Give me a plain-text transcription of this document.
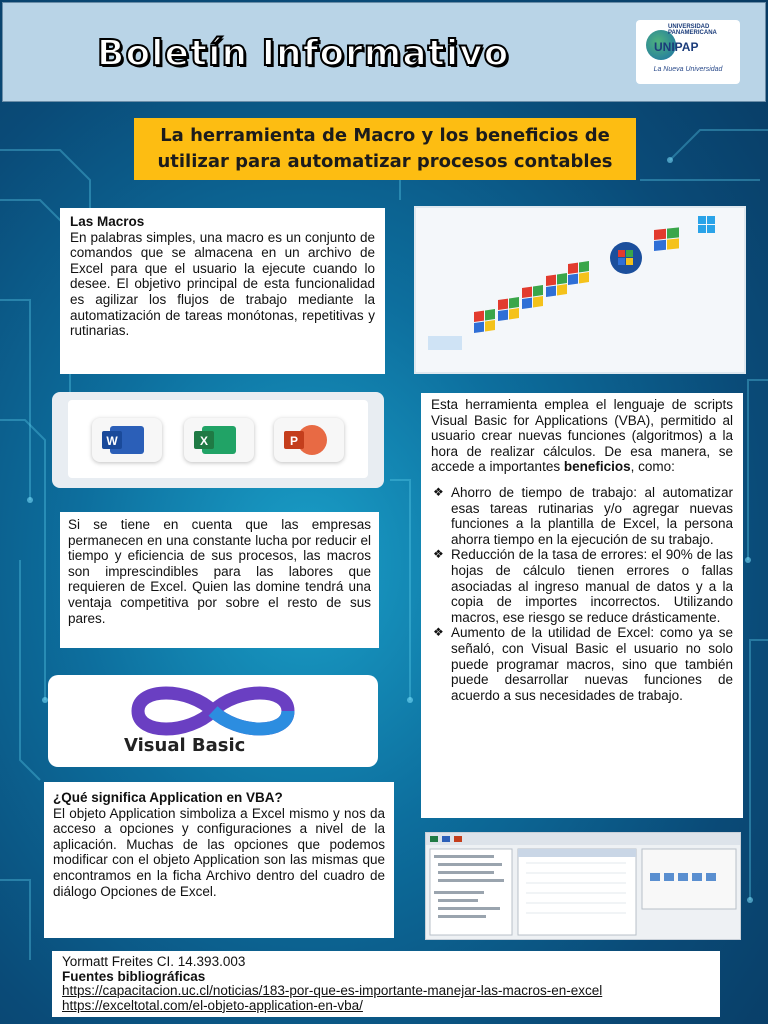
Boletín Informativo
UNIVERSIDAD PANAMERICANA
UNIPAP
La Nueva Universidad
La herramienta de Macro y los beneficios de utilizar para automatizar procesos contables
Las Macros
En palabras simples, una macro es un conjunto de comandos que se almacena en un archivo de Excel para que el usuario la ejecute cuando lo desee. El objetivo principal de esta funcionalidad es agilizar los flujos de trabajo mediante la automatización de tareas monótonas, repetitivas y rutinarias.
W	X	P
Si se tiene en cuenta que las empresas permanecen en una constante lucha por reducir el tiempo y eficiencia de sus procesos, las macros son imprescindibles para las labores que requieren de Excel. Quien las domine tendrá una ventaja competitiva por sobre el resto de sus pares.
Visual Basic
¿Qué significa Application en VBA?
El objeto Application simboliza a Excel mismo y nos da acceso a opciones y configuraciones a nivel de la aplicación. Muchas de las opciones que podemos modificar con el objeto Application son las mismas que encontramos en la ficha Archivo dentro del cuadro de diálogo Opciones de Excel.
Esta herramienta emplea el lenguaje de scripts Visual Basic for Applications (VBA), permitido al usuario crear nuevas funciones (algoritmos) a la hora de realizar cálculos. De esa manera, se accede a importantes beneficios, como:
❖ Ahorro de tiempo de trabajo: al automatizar esas tareas rutinarias y/o agregar nuevas funciones a la plantilla de Excel, la persona ahorra tiempo en la ejecución de su trabajo.
❖ Reducción de la tasa de errores: el 90% de las hojas de cálculo tienen errores o fallas asociadas al ingreso manual de datos y a la copia de importes incorrectos. Utilizando macros, ese riesgo se reduce drásticamente.
❖ Aumento de la utilidad de Excel: como ya se señaló, con Visual Basic el usuario no solo puede programar macros, sino que también puede desarrollar nuevas funciones de acuerdo a sus necesidades de trabajo.
Yormatt Freites CI. 14.393.003
Fuentes bibliográficas
https://capacitacion.uc.cl/noticias/183-por-que-es-importante-manejar-las-macros-en-excel
https://exceltotal.com/el-objeto-application-en-vba/
